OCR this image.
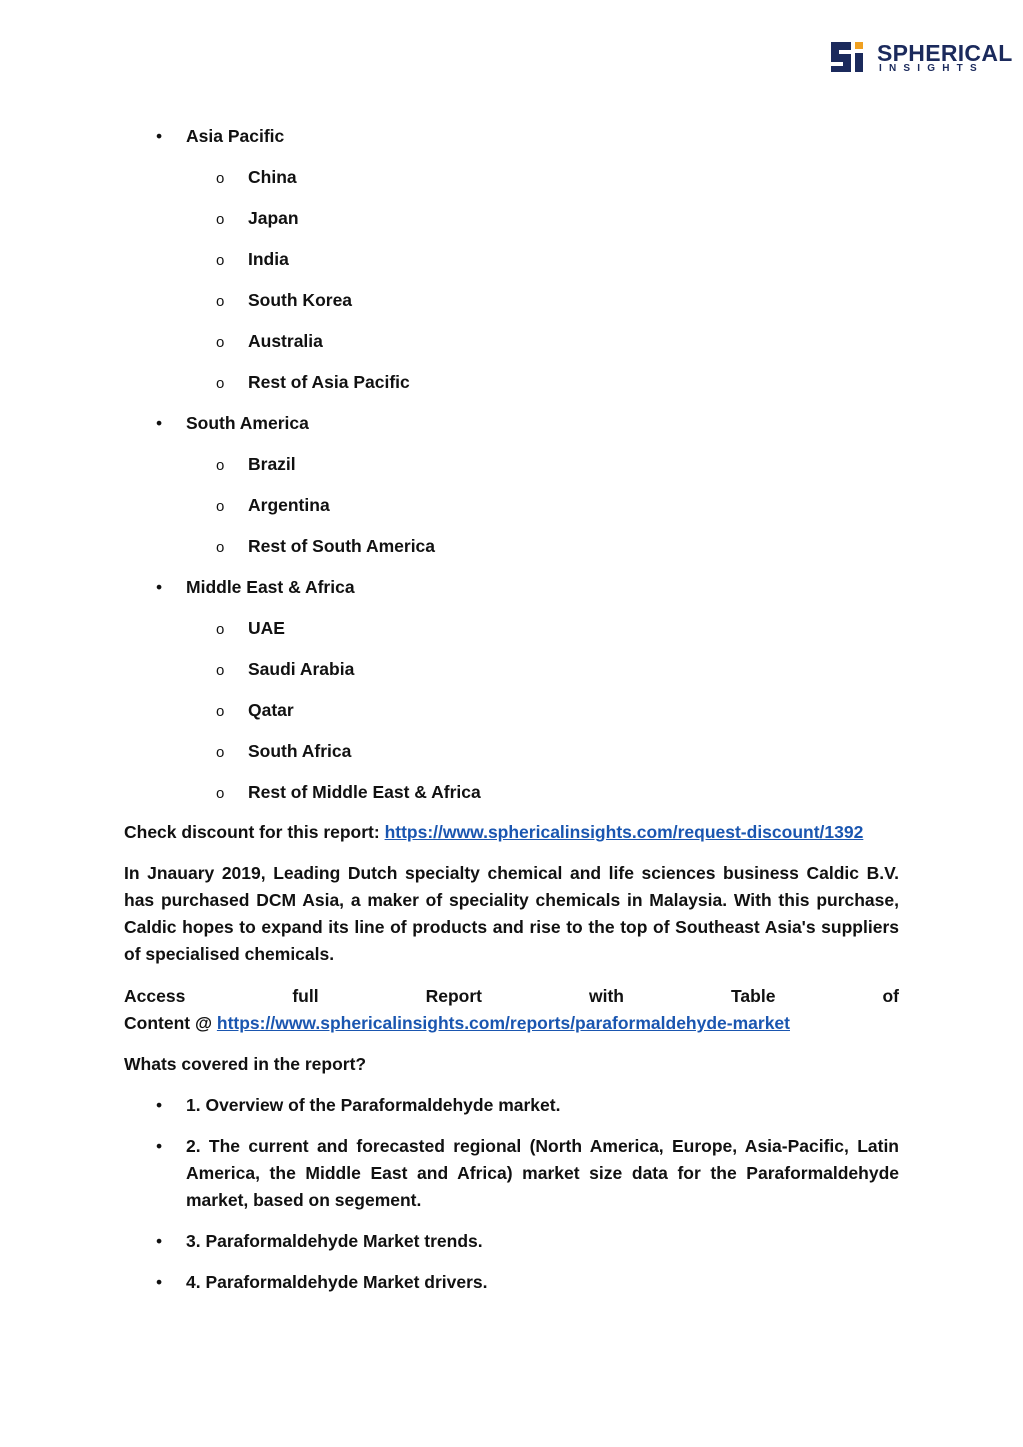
SPHERICAL
INSIGHTS
• Asia Pacific
o China
o Japan
o India
o South Korea
o Australia
o Rest of Asia Pacific
• South America
o Brazil
o Argentina
o Rest of South America
• Middle East & Africa
o UAE
o Saudi Arabia
o Qatar
o South Africa
o Rest of Middle East & Africa
Check discount for this report: https://www.sphericalinsights.com/request-discount/1392
In Jnauary 2019, Leading Dutch specialty chemical and life sciences business Caldic B.V. has purchased DCM Asia, a maker of speciality chemicals in Malaysia. With this purchase, Caldic hopes to expand its line of products and rise to the top of Southeast Asia's suppliers of specialised chemicals.
Access	full	Report	with	Table	of
Content @ https://www.sphericalinsights.com/reports/paraformaldehyde-market
Whats covered in the report?
• 1. Overview of the Paraformaldehyde market.
• 2. The current and forecasted regional (North America, Europe, Asia-Pacific, Latin America, the Middle East and Africa) market size data for the Paraformaldehyde market, based on segement.
• 3. Paraformaldehyde Market trends.
• 4. Paraformaldehyde Market drivers.
